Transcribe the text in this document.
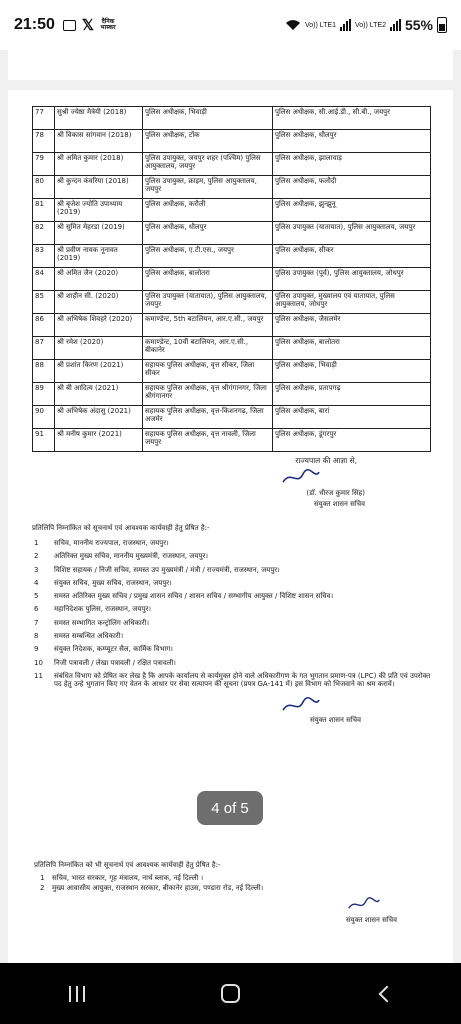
21:50 𝕏 दैनिक भास्कर	Vo)) LTE1	Vo)) LTE2 55%
77	सुश्री ज्येष्ठा मैत्रेयी (2018)	पुलिस अधीक्षक, भिवाड़ी	पुलिस अधीक्षक, सी.आई.डी., सी.बी., जयपुर
78	श्री विकास सांगवान (2018)	पुलिस अधीक्षक, टोंक	पुलिस अधीक्षक, धौलपुर
79	श्री अमित कुमार (2018)	पुलिस उपायुक्त, जयपुर शहर (पश्चिम) पुलिस आयुक्तालय, जयपुर	पुलिस अधीक्षक, झालावाड़
80	श्री कुन्दन कंवरिया (2018)	पुलिस उपायुक्त, क्राइम, पुलिस आयुक्तालय, जयपुर	पुलिस अधीक्षक, फलौदी
81	श्री बृजेश ज्योति उपाध्याय (2019)	पुलिस अधीक्षक, करौली	पुलिस अधीक्षक, झुन्झुनू
82	श्री सुमित मेहरडा (2019)	पुलिस अधीक्षक, धौलपुर	पुलिस उपायुक्त (यातायात), पुलिस आयुक्तालय, जयपुर
83	श्री प्रवीण नायक नूनावत (2019)	पुलिस अधीक्षक, ए.टी.एस., जयपुर	पुलिस अधीक्षक, सीकर
84	श्री अमित जैन (2020)	पुलिस अधीक्षक, बालोतरा	पुलिस उपायुक्त (पूर्व), पुलिस आयुक्तालय, जोधपुर
85	श्री शाहीन सी. (2020)	पुलिस उपायुक्त (यातायात), पुलिस आयुक्तालय, जयपुर	पुलिस उपायुक्त, मुख्यालय एवं यातायात, पुलिस आयुक्तालय, जोधपुर
86	श्री अभिषेक शिवहरे (2020)	कमाण्डेन्ट, 5th बटालियन, आर.ए.सी., जयपुर	पुलिस अधीक्षक, जैसलमेर
87	श्री रमेश (2020)	कमाण्डेन्ट, 10वीं बटालियन, आर.ए.सी., बीकानेर	पुलिस अधीक्षक, बालोतरा
88	श्री प्रशांत किरण (2021)	सहायक पुलिस अधीक्षक, वृत्त सीकर, जिला सीकर	पुलिस अधीक्षक, भिवाड़ी
89	श्री बी आदित्य (2021)	सहायक पुलिस अधीक्षक, वृत्त श्रीगंगानगर, जिला श्रीगंगानगर	पुलिस अधीक्षक, प्रतापगढ़
90	श्री अभिषेक अंदासु (2021)	सहायक पुलिस अधीक्षक, वृत्त-किशनगढ़, जिला अजमेर	पुलिस अधीक्षक, बारां
91	श्री मनीष कुमार (2021)	सहायक पुलिस अधीक्षक, वृत्त नावली, जिला जयपुर	पुलिस अधीक्षक, डूंगरपुर
राज्यपाल की आज्ञा से,
(डॉ. धीरज कुमार सिंह)
संयुक्त शासन सचिव
प्रतिलिपि निम्नांकित को सूचनार्थ एवं आवश्यक कार्यवाही हेतु प्रेषित है:-
1	सचिव, माननीय राज्यपाल, राजस्थान, जयपुर।
2	अतिरिक्त मुख्य सचिव, माननीय मुख्यमंत्री, राजस्थान, जयपुर।
3	विशिष्ट सहायक / निजी सचिव, समस्त उप मुख्यमंत्री / मंत्री / राज्यमंत्री, राजस्थान, जयपुर।
4	संयुक्त सचिव, मुख्य सचिव, राजस्थान, जयपुर।
5	समस्त अतिरिक्त मुख्य सचिव / प्रमुख शासन सचिव / शासन सचिव / सम्भागीय आयुक्त / विशिष्ट शासन सचिव।
6	महानिदेशक पुलिस, राजस्थान, जयपुर।
7	समस्त सम्भागित कन्ट्रोलिंग अधिकारी।
8	समस्त सम्बन्धित अधिकारी।
9	संयुक्त निदेशक, कम्प्यूटर सैल, कार्मिक विभाग।
10	निजी पत्रावली / लेखा पत्रावली / रक्षित पत्रावली।
11	संबंधित विभाग को प्रेषित कर लेख है कि आपके कार्यालय से कार्यमुक्त होने वाले अधिकारीगण के गत भुगतान प्रमाण-पत्र (LPC) की प्रति एवं उपरोक्त पद हेतु उन्हे भुगतान किए गए वेतन के आधार पर सेवा सत्यापन की सूचना (प्रपत्र GA-141 में) इस विभाग को भिजवाने का श्रम करावें।
संयुक्त शासन सचिव
4 of 5
प्रतिलिपि निम्नांकित को भी सूचनार्थ एवं आवश्यक कार्यवाही हेतु प्रेषित है:-
1	सचिव, भारत सरकार, गृह मंत्रालय, नार्थ ब्लाक, नई दिल्ली ।
2	मुख्य आवासीय आयुक्त, राजस्थान सरकार, बीकानेर हाउस, पण्डारा रोड, नई दिल्ली।
संयुक्त शासन सचिव
